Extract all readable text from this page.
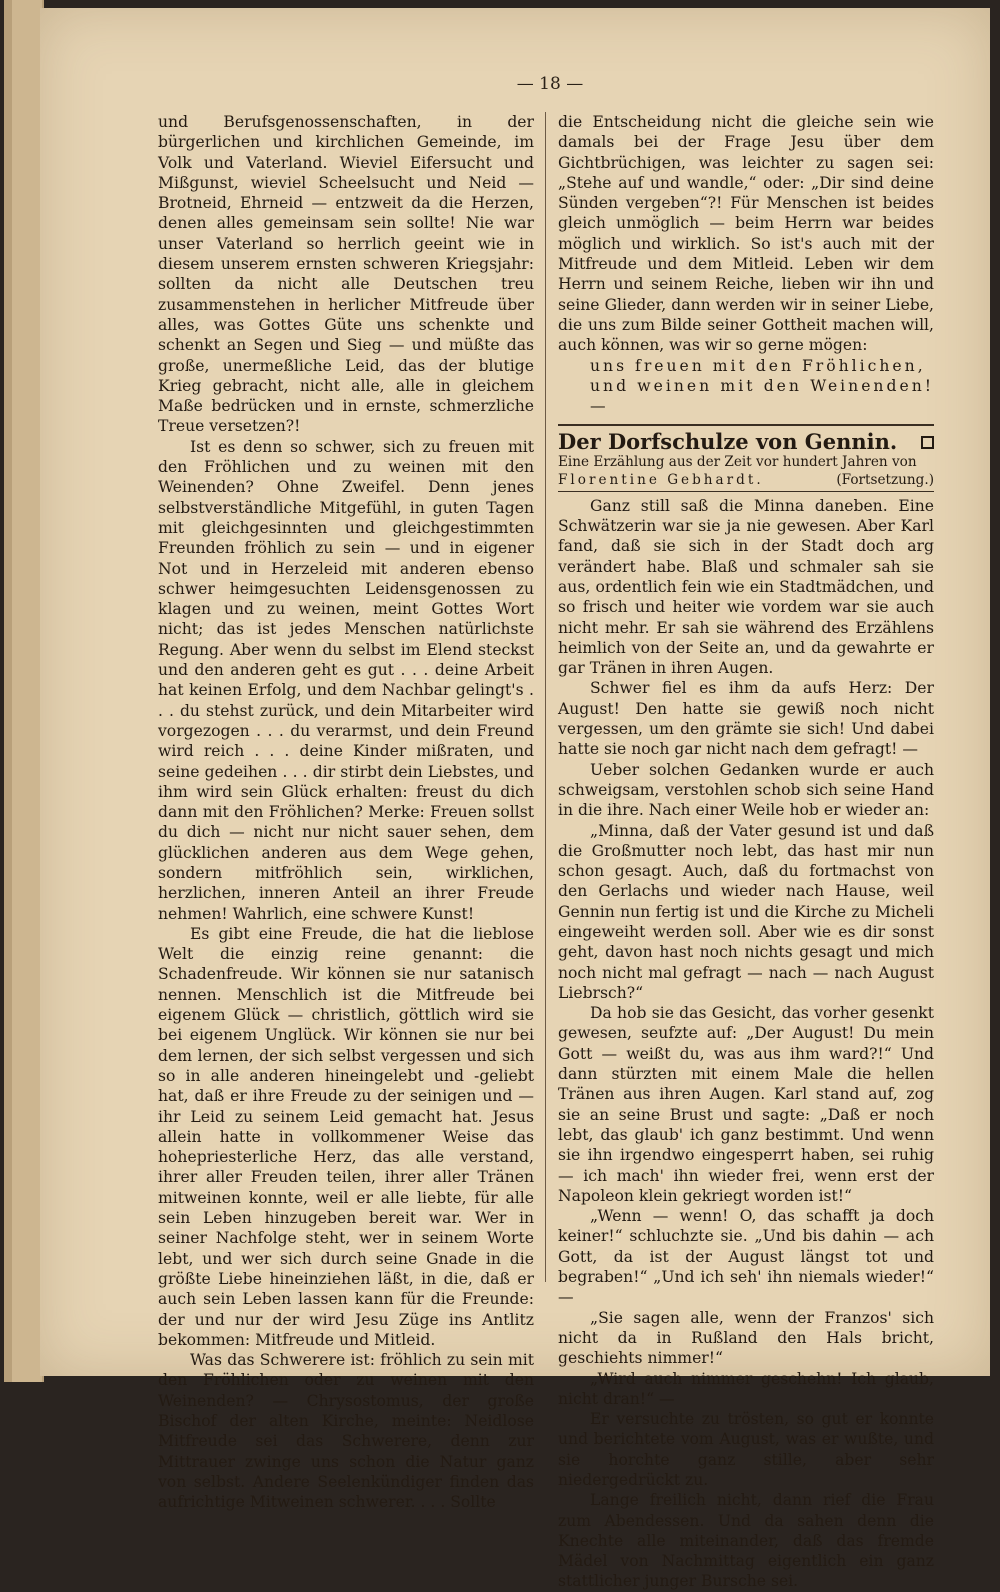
— 18 —

und Berufsgenossenschaften, in der bürgerlichen und kirchlichen Gemeinde, im Volk und Vaterland. Wieviel Eifersucht und Mißgunst, wieviel Scheelsucht und Neid — Brotneid, Ehrneid — entzweit da die Herzen, denen alles gemeinsam sein sollte! Nie war unser Vaterland so herrlich geeint wie in diesem unserem ernsten schweren Kriegsjahr: sollten da nicht alle Deutschen treu zusammenstehen in herlicher Mitfreude über alles, was Gottes Güte uns schenkte und schenkt an Segen und Sieg — und müßte das große, unermeßliche Leid, das der blutige Krieg gebracht, nicht alle, alle in gleichem Maße bedrücken und in ernste, schmerzliche Treue versetzen?!

Ist es denn so schwer, sich zu freuen mit den Fröhlichen und zu weinen mit den Weinenden? Ohne Zweifel. Denn jenes selbstverständliche Mitgefühl, in guten Tagen mit gleichgesinnten und gleichgestimmten Freunden fröhlich zu sein — und in eigener Not und in Herzeleid mit anderen ebenso schwer heimgesuchten Leidensgenossen zu klagen und zu weinen, meint Gottes Wort nicht; das ist jedes Menschen natürlichste Regung. Aber wenn du selbst im Elend steckst und den anderen geht es gut . . . deine Arbeit hat keinen Erfolg, und dem Nachbar gelingt's . . . du stehst zurück, und dein Mitarbeiter wird vorgezogen . . . du verarmst, und dein Freund wird reich . . . deine Kinder mißraten, und seine gedeihen . . . dir stirbt dein Liebstes, und ihm wird sein Glück erhalten: freust du dich dann mit den Fröhlichen? Merke: Freuen sollst du dich — nicht nur nicht sauer sehen, dem glücklichen anderen aus dem Wege gehen, sondern mitfröhlich sein, wirklichen, herzlichen, inneren Anteil an ihrer Freude nehmen! Wahrlich, eine schwere Kunst!

Es gibt eine Freude, die hat die lieblose Welt die einzig reine genannt: die Schadenfreude. Wir können sie nur satanisch nennen. Menschlich ist die Mitfreude bei eigenem Glück — christlich, göttlich wird sie bei eigenem Unglück. Wir können sie nur bei dem lernen, der sich selbst vergessen und sich so in alle anderen hineingelebt und -geliebt hat, daß er ihre Freude zu der seinigen und — ihr Leid zu seinem Leid gemacht hat. Jesus allein hatte in vollkommener Weise das hohepriesterliche Herz, das alle verstand, ihrer aller Freuden teilen, ihrer aller Tränen mitweinen konnte, weil er alle liebte, für alle sein Leben hinzugeben bereit war. Wer in seiner Nachfolge steht, wer in seinem Worte lebt, und wer sich durch seine Gnade in die größte Liebe hineinziehen läßt, in die, daß er auch sein Leben lassen kann für die Freunde: der und nur der wird Jesu Züge ins Antlitz bekommen: Mitfreude und Mitleid.

Was das Schwerere ist: fröhlich zu sein mit den Fröhlichen oder zu weinen mit den Weinenden? — Chrysostomus, der große Bischof der alten Kirche, meinte: Neidlose Mitfreude sei das Schwerere, denn zur Mittrauer zwinge uns schon die Natur ganz von selbst. Andere Seelenkündiger finden das aufrichtige Mitweinen schwerer. . . . Sollte

die Entscheidung nicht die gleiche sein wie damals bei der Frage Jesu über dem Gichtbrüchigen, was leichter zu sagen sei: „Stehe auf und wandle,“ oder: „Dir sind deine Sünden vergeben“?! Für Menschen ist beides gleich unmöglich — beim Herrn war beides möglich und wirklich. So ist's auch mit der Mitfreude und dem Mitleid. Leben wir dem Herrn und seinem Reiche, lieben wir ihn und seine Glieder, dann werden wir in seiner Liebe, die uns zum Bilde seiner Gottheit machen will, auch können, was wir so gerne mögen:

uns freuen mit den Fröhlichen,
und weinen mit den Weinenden! —
Der Dorfschulze von Gennin.
Eine Erzählung aus der Zeit vor hundert Jahren von
Florentine Gebhardt.	(Fortsetzung.)

Ganz still saß die Minna daneben. Eine Schwätzerin war sie ja nie gewesen. Aber Karl fand, daß sie sich in der Stadt doch arg verändert habe. Blaß und schmaler sah sie aus, ordentlich fein wie ein Stadtmädchen, und so frisch und heiter wie vordem war sie auch nicht mehr. Er sah sie während des Erzählens heimlich von der Seite an, und da gewahrte er gar Tränen in ihren Augen.

Schwer fiel es ihm da aufs Herz: Der August! Den hatte sie gewiß noch nicht vergessen, um den grämte sie sich! Und dabei hatte sie noch gar nicht nach dem gefragt! —

Ueber solchen Gedanken wurde er auch schweigsam, verstohlen schob sich seine Hand in die ihre. Nach einer Weile hob er wieder an:

„Minna, daß der Vater gesund ist und daß die Großmutter noch lebt, das hast mir nun schon gesagt. Auch, daß du fortmachst von den Gerlachs und wieder nach Hause, weil Gennin nun fertig ist und die Kirche zu Micheli eingeweiht werden soll. Aber wie es dir sonst geht, davon hast noch nichts gesagt und mich noch nicht mal gefragt — nach — nach August Liebrsch?“

Da hob sie das Gesicht, das vorher gesenkt gewesen, seufzte auf: „Der August! Du mein Gott — weißt du, was aus ihm ward?!“ Und dann stürzten mit einem Male die hellen Tränen aus ihren Augen. Karl stand auf, zog sie an seine Brust und sagte: „Daß er noch lebt, das glaub' ich ganz bestimmt. Und wenn sie ihn irgendwo eingesperrt haben, sei ruhig — ich mach' ihn wieder frei, wenn erst der Napoleon klein gekriegt worden ist!“

„Wenn — wenn! O, das schafft ja doch keiner!“ schluchzte sie. „Und bis dahin — ach Gott, da ist der August längst tot und begraben!“ „Und ich seh' ihn niemals wieder!“ —

„Sie sagen alle, wenn der Franzos' sich nicht da in Rußland den Hals bricht, geschiehts nimmer!“

„Wird auch nimmer geschehn! Ich glaub, nicht dran!“ —

Er versuchte zu trösten, so gut er konnte und berichtete vom August, was er wußte, und sie horchte ganz stille, aber sehr niedergedrückt zu.

Lange freilich nicht, dann rief die Frau zum Abendessen. Und da sahen denn die Knechte alle miteinander, daß das fremde Mädel von Nachmittag eigentlich ein ganz stattlicher junger Bursche sei.
